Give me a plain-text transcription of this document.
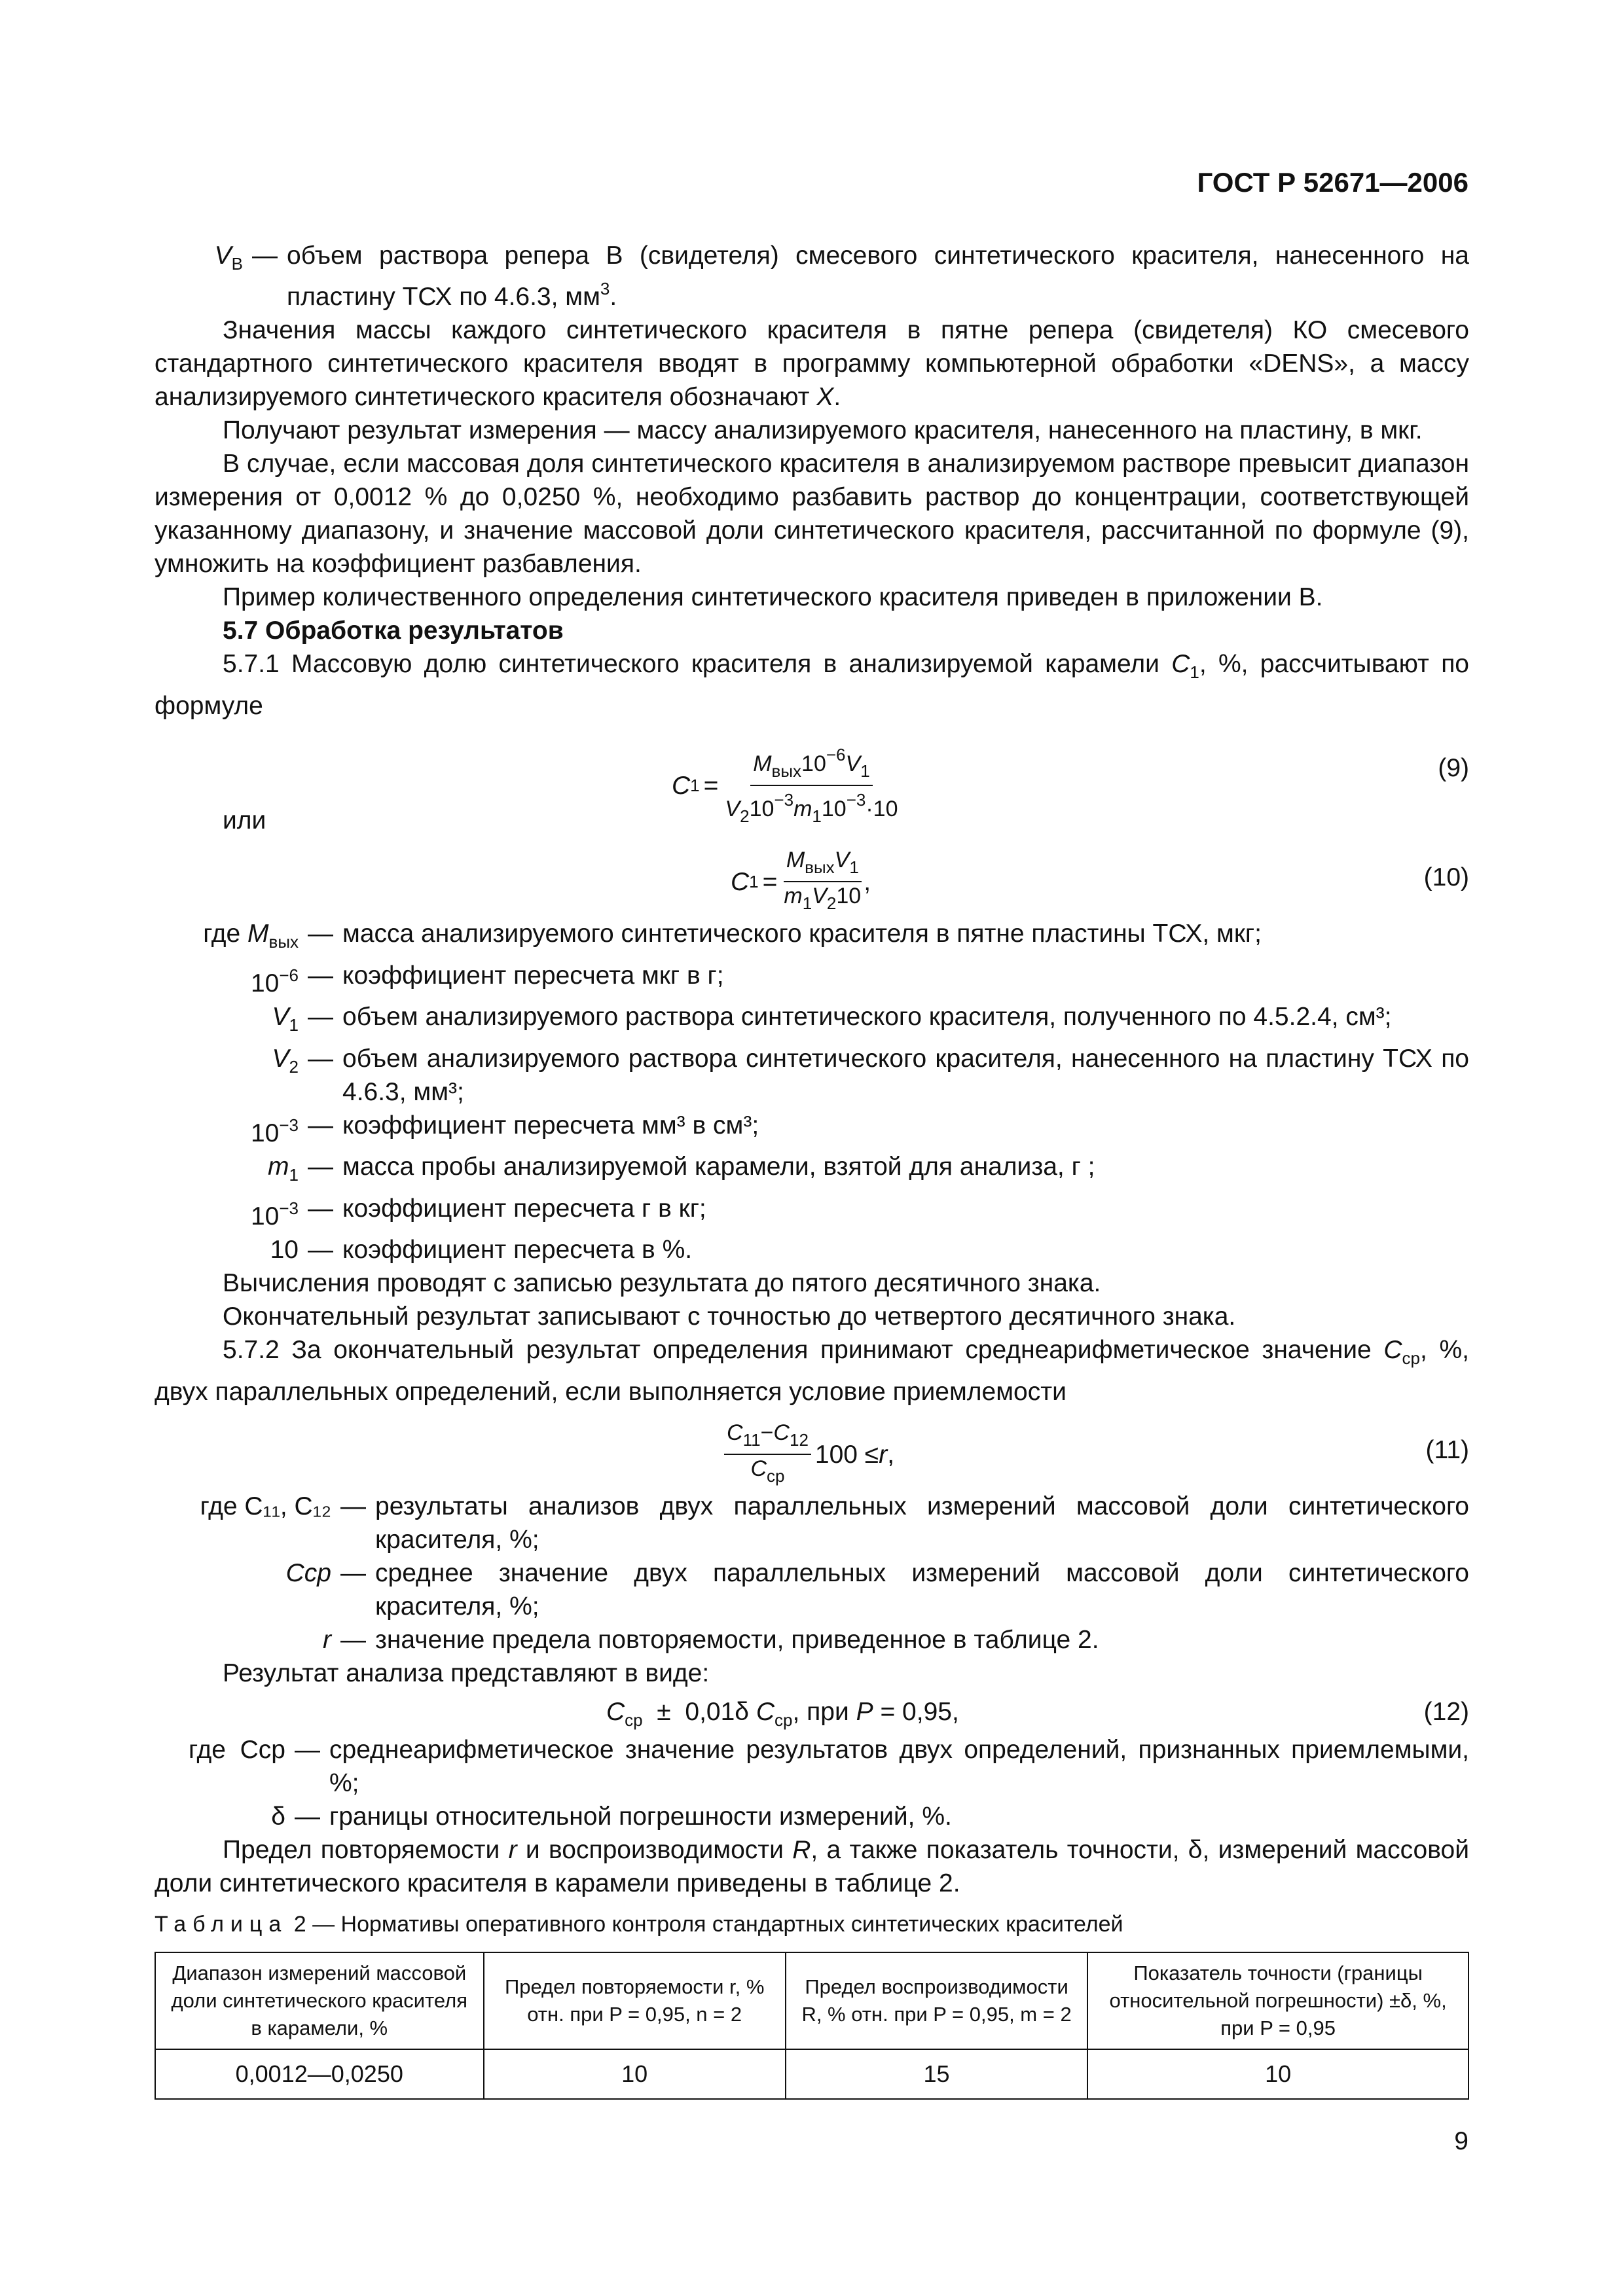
ГОСТ Р 52671—2006
$V_В$ — объем раствора репера В (свидетеля) смесевого синтетического красителя, нанесенного на пластину ТСХ по 4.6.3, $мм^3$.

Значения массы каждого синтетического красителя в пятне репера (свидетеля) КО смесевого стандартного синтетического красителя вводят в программу компьютерной обработки «DENS», а массу анализируемого синтетического красителя обозначают X.

Получают результат измерения — массу анализируемого красителя, нанесенного на пластину, в мкг.

В случае, если массовая доля синтетического красителя в анализируемом растворе превысит диапазон измерения от 0,0012 % до 0,0250 %, необходимо разбавить раствор до концентрации, соответствующей указанному диапазону, и значение массовой доли синтетического красителя, рассчитанной по формуле (9), умножить на коэффициент разбавления.

Пример количественного определения синтетического красителя приведен в приложении В.

5.7 Обработка результатов

5.7.1 Массовую долю синтетического красителя в анализируемой карамели $C_1$, %, рассчитывают по формуле

C $1 = \frac{M_{вых}10^{-6}V_1}{V_210^{-3}m_110^{-3}\cdot 10}$	(9)

или

C $1 = \frac{M_{вых}V_1}{m_1V_210}$ ,	(10)
где $M_{вых}$ — масса анализируемого синтетического красителя в пятне пластины ТСХ, мкг;
$10^{-6}$ — коэффициент пересчета мкг в г;
$V_1$ — объем анализируемого раствора синтетического красителя, полученного по 4.5.2.4, см³;
$V_2$ — объем анализируемого раствора синтетического красителя, нанесенного на пластину ТСХ по 4.6.3, мм³;
$10^{-3}$ — коэффициент пересчета мм³ в см³;
$m_1$ — масса пробы анализируемой карамели, взятой для анализа, г ;
$10^{-3}$ — коэффициент пересчета г в кг;
10 — коэффициент пересчета в %.

Вычисления проводят с записью результата до пятого десятичного знака.

Окончательный результат записывают с точностью до четвертого десятичного знака.

5.7.2 За окончательный результат определения принимают среднеарифметическое значение $C_{ср}$, %, двух параллельных определений, если выполняется условие приемлемости

$\frac{C_{11}-C_{12}}{C_{ср}} 100 \le r$ ,	(11)
где C₁₁, C₁₂ — результаты анализов двух параллельных измерений массовой доли синтетического красителя, %;
Cср — среднее значение двух параллельных измерений массовой доли синтетического красителя, %;
r — значение предела повторяемости, приведенное в таблице 2.

Результат анализа представляют в виде:

$C_{ср} \pm 0,01\delta$ $C_{ср}$, при P = 0,95,	(12)
где  Cср — среднеарифметическое значение результатов двух определений, признанных приемлемыми, %;
δ — границы относительной погрешности измерений, %.

Предел повторяемости r и воспроизводимости R, а также показатель точности, δ, измерений массовой доли синтетического красителя в карамели приведены в таблице 2.

Таблица 2 — Нормативы оперативного контроля стандартных синтетических красителей
Диапазон измерений массовой доли синтетического красителя в карамели, %	Предел повторяемости r, % отн. при P = 0,95, n = 2	Предел воспроизводимости R, % отн. при P = 0,95, m = 2	Показатель точности (границы относительной погрешности) ±δ, %, при P = 0,95
0,0012—0,0250	10	15	10
9
